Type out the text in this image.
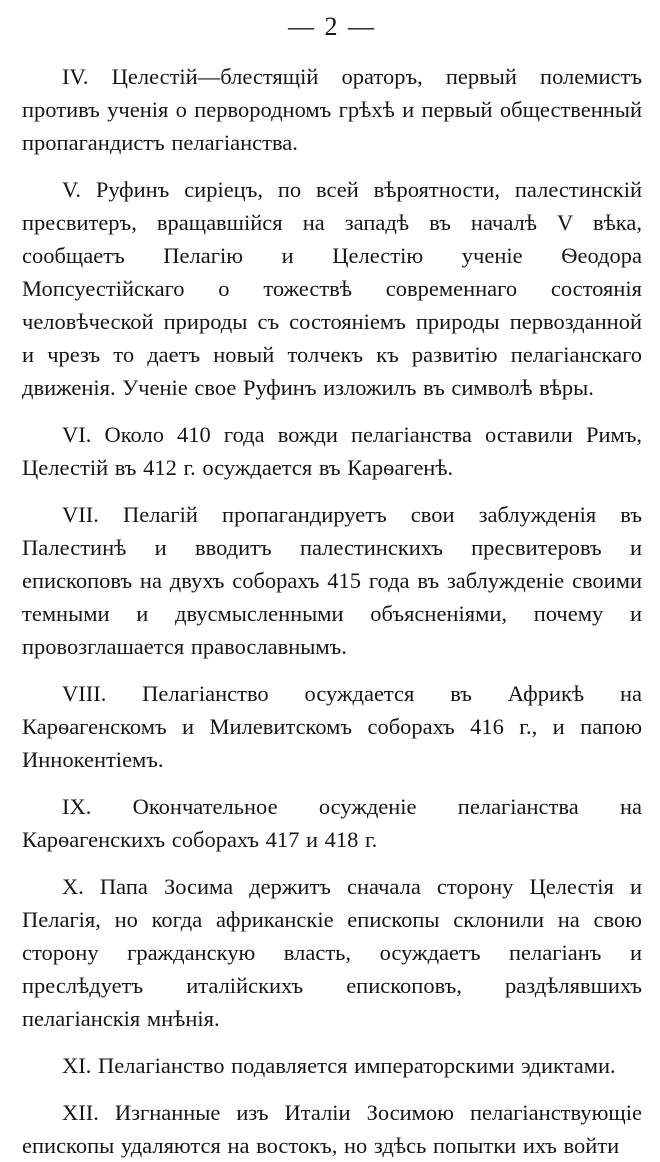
— 2 —

IV. Целестiй—блестящiй ораторъ, первый полемистъ противъ ученiя о первородномъ грѣхѣ и первый общественный пропагандистъ пелагiанства.

V. Руфинъ сирiецъ, по всей вѣроятности, палестинскiй пресвитеръ, вращавшiйся на западѣ въ началѣ V вѣка, сообщаетъ Пелагiю и Целестiю ученiе Ѳеодора Мопсуестiйскаго о тожествѣ современнаго состоянiя человѣческой природы съ состоянiемъ природы первозданной и чрезъ то даетъ новый толчекъ къ развитiю пелагiанскаго движенiя. Ученiе свое Руфинъ изложилъ въ символѣ вѣры.

VI. Около 410 года вожди пелагiанства оставили Римъ, Целестiй въ 412 г. осуждается въ Карѳагенѣ.

VII. Пелагiй пропагандируетъ свои заблужденiя въ Палестинѣ и вводитъ палестинскихъ пресвитеровъ и епископовъ на двухъ соборахъ 415 года въ заблужденiе своими темными и двусмысленными объясненiями, почему и провозглашается православнымъ.

VIII. Пелагiанство осуждается въ Африкѣ на Карѳагенскомъ и Милевитскомъ соборахъ 416 г., и папою Иннокентiемъ.

IX. Окончательное осужденiе пелагiанства на Карѳагенскихъ соборахъ 417 и 418 г.

X. Папа Зосима держитъ сначала сторону Целестiя и Пелагiя, но когда африканскiе епископы склонили на свою сторону гражданскую власть, осуждаетъ пелагiанъ и преслѣдуетъ италiйскихъ епископовъ, раздѣлявшихъ пелагiанскiя мнѣнiя.

XI. Пелагiанство подавляется императорскими эдиктами.

XII. Изгнанные изъ Италiи Зосимою пелагiанствующiе епископы удаляются на востокъ, но здѣсь попытки ихъ войти
